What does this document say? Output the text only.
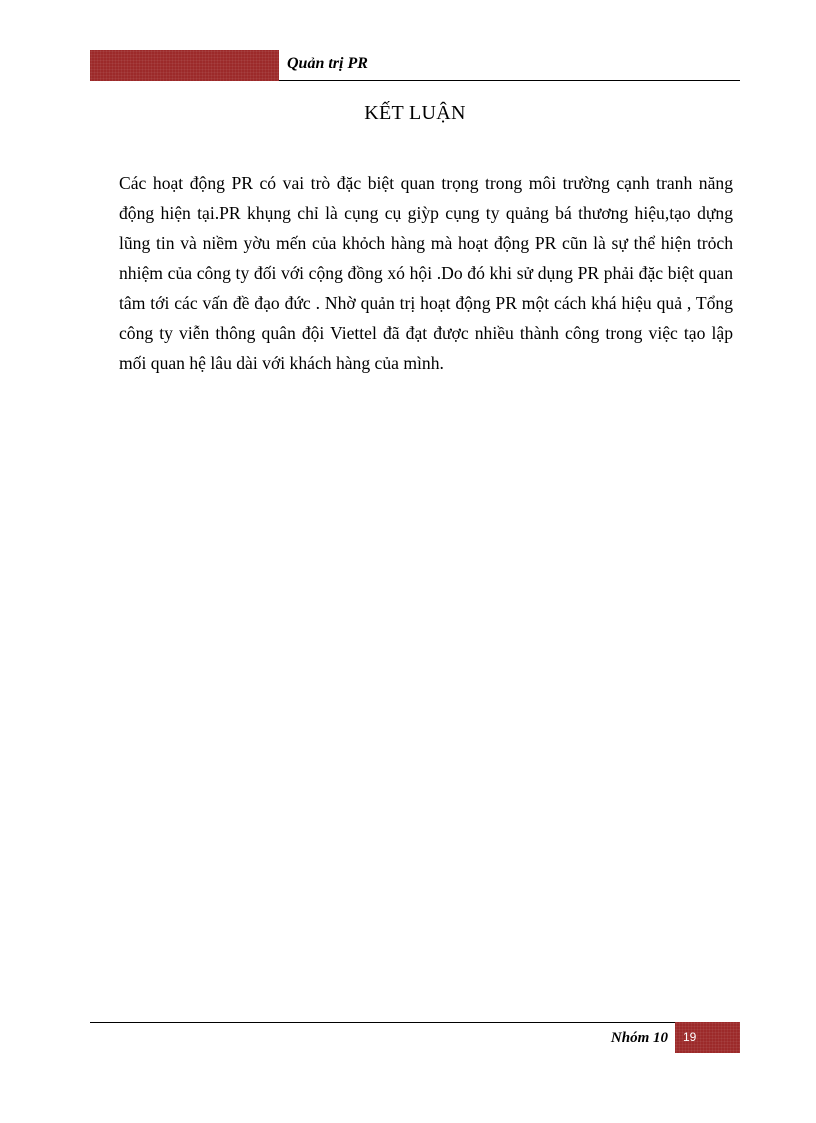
Quản trị PR
KẾT LUẬN

Các hoạt động PR có vai trò đặc biệt quan trọng trong môi trường cạnh tranh năng động hiện tại.PR khụng chỉ là cụng cụ giỳp cụng ty quảng bá thương hiệu,tạo dựng lũng tin và niềm yờu mến của khỏch hàng mà hoạt động PR cũn là sự thể hiện trỏch nhiệm của công ty đối với cộng đồng xó hội .Do đó khi sử dụng PR phải đặc biệt quan tâm tới các vấn đề đạo đức . Nhờ quản trị hoạt động PR một cách khá hiệu quả , Tổng công ty viễn thông quân đội Viettel đã đạt được nhiều thành công trong việc tạo lập mối quan hệ lâu dài với khách hàng của mình.

Nhóm 10 19
